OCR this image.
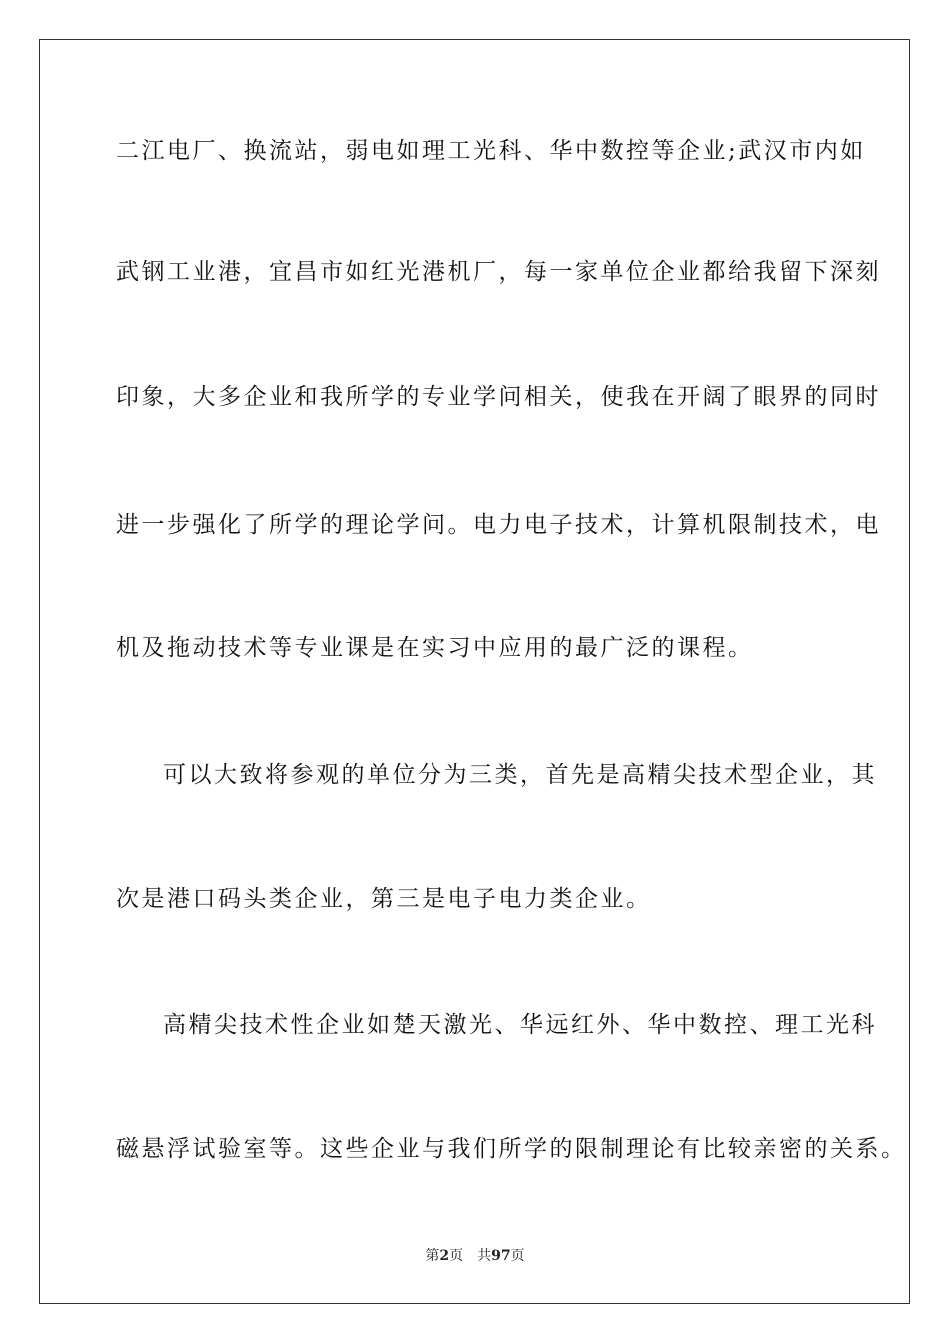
二江电厂、换流站，弱电如理工光科、华中数控等企业;武汉市内如
武钢工业港，宜昌市如红光港机厂，每一家单位企业都给我留下深刻
印象，大多企业和我所学的专业学问相关，使我在开阔了眼界的同时
进一步强化了所学的理论学问。电力电子技术，计算机限制技术，电
机及拖动技术等专业课是在实习中应用的最广泛的课程。
可以大致将参观的单位分为三类，首先是高精尖技术型企业，其
次是港口码头类企业，第三是电子电力类企业。
高精尖技术性企业如楚天激光、华远红外、华中数控、理工光科
磁悬浮试验室等。这些企业与我们所学的限制理论有比较亲密的关系。
第2页 共97页
